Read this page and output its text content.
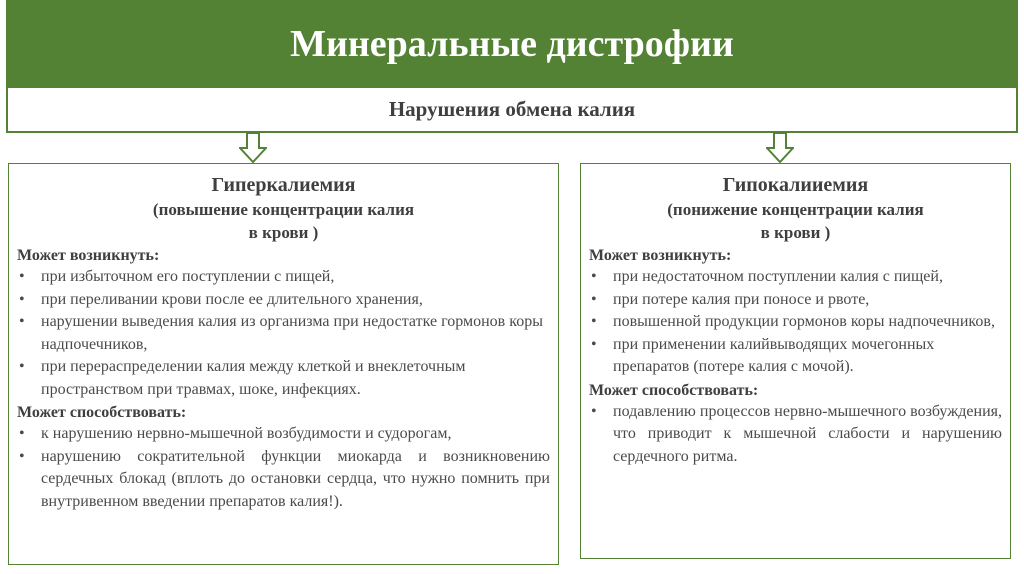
Минеральные дистрофии
Нарушения обмена калия
Гиперкалиемия
(повышение концентрации калия
в крови )
Может возникнуть:
• при избыточном его поступлении с пищей,
• при переливании крови после ее длительного хранения,
• нарушении выведения калия из организма при недостатке гормонов коры надпочечников,
• при перераспределении калия между клеткой и внеклеточным пространством при травмах, шоке, инфекциях.
Может способствовать:
• к нарушению нервно-мышечной возбудимости и судорогам,
• нарушению сократительной функции миокарда и возникновению сердечных блокад (вплоть до остановки сердца, что нужно помнить при внутривенном введении препаратов калия!).
Гипокалииемия
(понижение концентрации калия
в крови )
Может возникнуть:
• при недостаточном поступлении калия с пищей,
• при потере калия при поносе и рвоте,
• повышенной продукции гормонов коры надпочечников,
• при применении калийвыводящих мочегонных препаратов (потере калия с мочой).
Может способствовать:
• подавлению процессов нервно-мышечного возбуждения, что приводит к мышечной слабости и нарушению сердечного ритма.
